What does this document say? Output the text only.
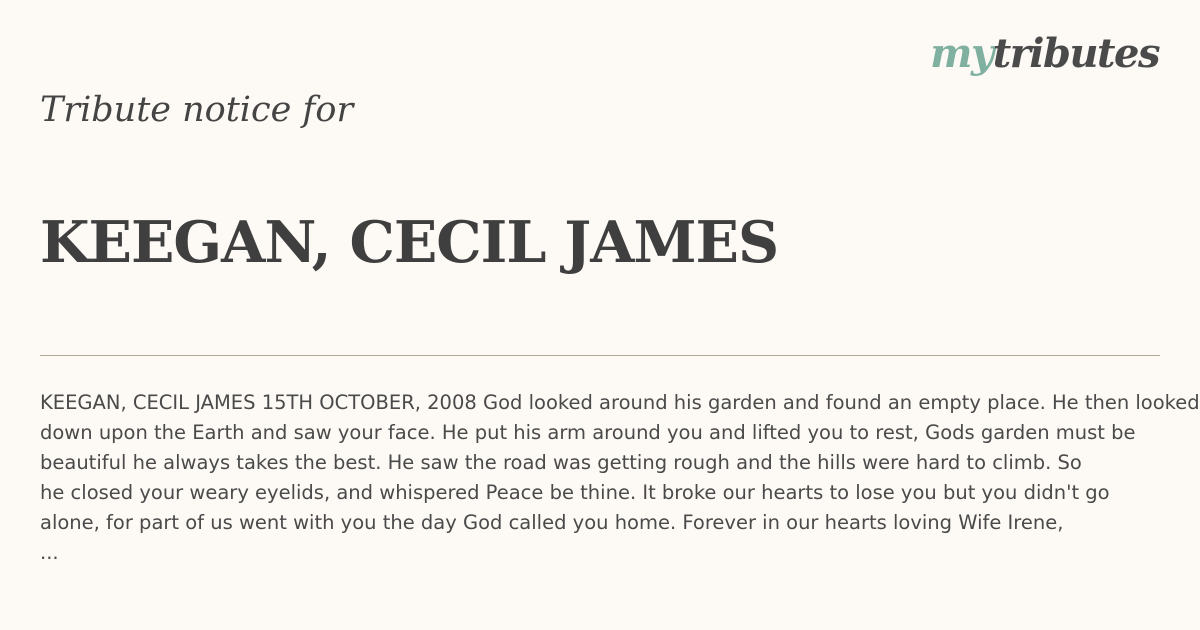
mytributes
Tribute notice for
KEEGAN, CECIL JAMES

KEEGAN, CECIL JAMES 15TH OCTOBER, 2008 God looked around his garden and found an empty place. He then looked
down upon the Earth and saw your face. He put his arm around you and lifted you to rest, Gods garden must be
beautiful he always takes the best. He saw the road was getting rough and the hills were hard to climb. So
he closed your weary eyelids, and whispered Peace be thine. It broke our hearts to lose you but you didn't go
alone, for part of us went with you the day God called you home. Forever in our hearts loving Wife Irene,
...
